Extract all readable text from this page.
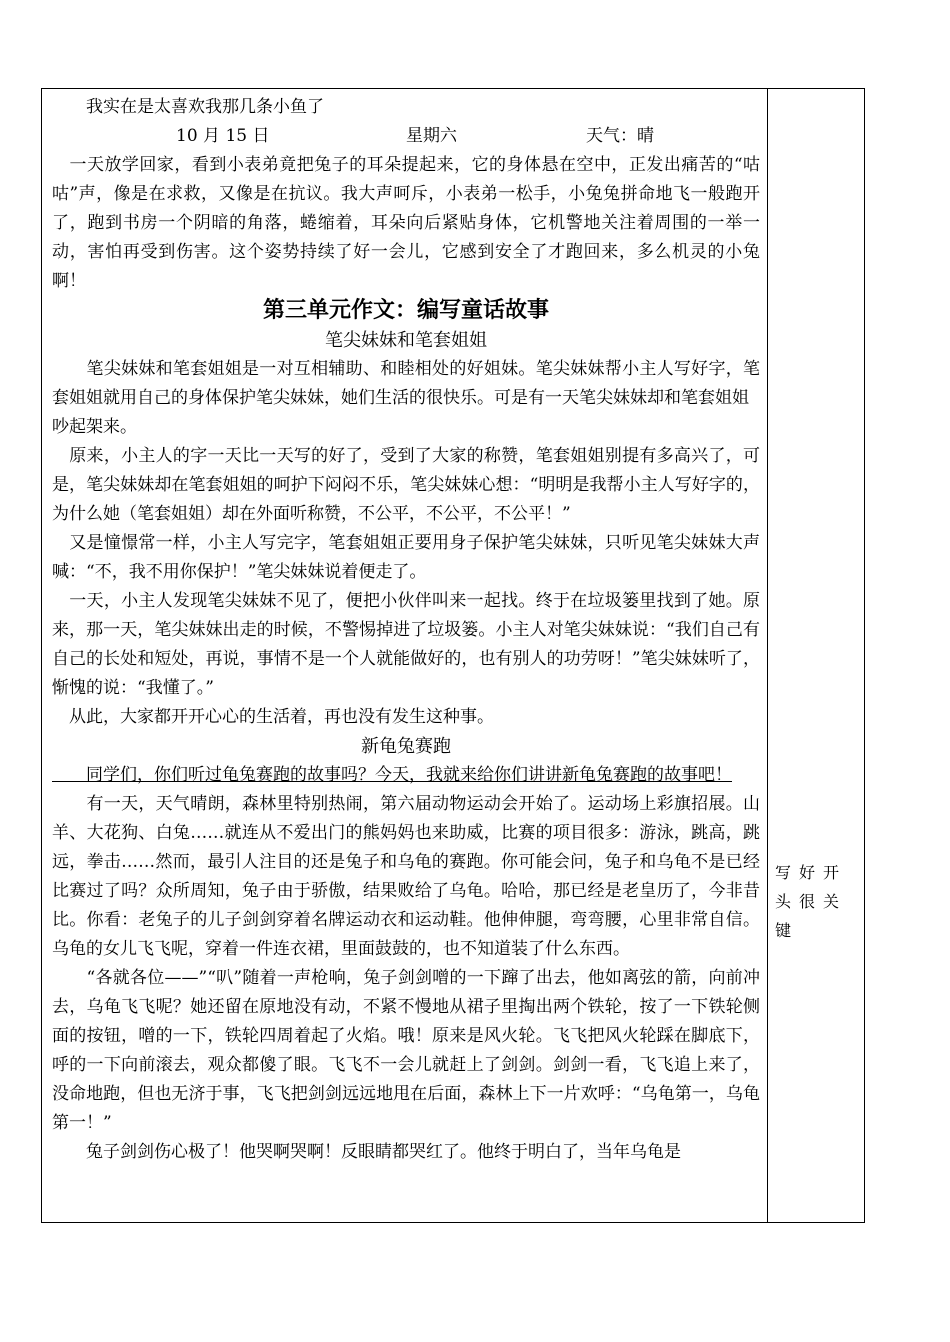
　　我实在是太喜欢我那几条小鱼了

10 月 15 日	星期六	天气：晴

　一天放学回家，看到小表弟竟把兔子的耳朵提起来，它的身体悬在空中，正发出痛苦的“咕咕”声，像是在求救，又像是在抗议。我大声呵斥，小表弟一松手，小兔兔拼命地飞一般跑开了，跑到书房一个阴暗的角落，蜷缩着，耳朵向后紧贴身体，它机警地关注着周围的一举一动，害怕再受到伤害。这个姿势持续了好一会儿，它感到安全了才跑回来，多么机灵的小兔啊！

第三单元作文：编写童话故事

笔尖妹妹和笔套姐姐

　　笔尖妹妹和笔套姐姐是一对互相辅助、和睦相处的好姐妹。笔尖妹妹帮小主人写好字，笔套姐姐就用自己的身体保护笔尖妹妹，她们生活的很快乐。可是有一天笔尖妹妹却和笔套姐姐

吵起架来。

　原来，小主人的字一天比一天写的好了，受到了大家的称赞，笔套姐姐别提有多高兴了，可是，笔尖妹妹却在笔套姐姐的呵护下闷闷不乐，笔尖妹妹心想：“明明是我帮小主人写好字的，为什么她（笔套姐姐）却在外面听称赞，不公平，不公平，不公平！”

　又是憧憬常一样，小主人写完字，笔套姐姐正要用身子保护笔尖妹妹，只听见笔尖妹妹大声喊：“不，我不用你保护！”笔尖妹妹说着便走了。

　一天，小主人发现笔尖妹妹不见了，便把小伙伴叫来一起找。终于在垃圾篓里找到了她。原来，那一天，笔尖妹妹出走的时候，不警惕掉进了垃圾篓。小主人对笔尖妹妹说：“我们自己有自己的长处和短处，再说，事情不是一个人就能做好的，也有别人的功劳呀！”笔尖妹妹听了，惭愧的说：“我懂了。”

　从此，大家都开开心心的生活着，再也没有发生这种事。

新龟兔赛跑

　　同学们，你们听过龟兔赛跑的故事吗？今天，我就来给你们讲讲新龟兔赛跑的故事吧！

　　有一天，天气晴朗，森林里特别热闹，第六届动物运动会开始了。运动场上彩旗招展。山羊、大花狗、白兔……就连从不爱出门的熊妈妈也来助威，比赛的项目很多：游泳，跳高，跳远，拳击……然而，最引人注目的还是兔子和乌龟的赛跑。你可能会问，兔子和乌龟不是已经比赛过了吗？众所周知，兔子由于骄傲，结果败给了乌龟。哈哈，那已经是老皇历了，今非昔比。你看：老兔子的儿子剑剑穿着名牌运动衣和运动鞋。他伸伸腿，弯弯腰，心里非常自信。乌龟的女儿飞飞呢，穿着一件连衣裙，里面鼓鼓的，也不知道装了什么东西。

　　“各就各位——”“叭”随着一声枪响，兔子剑剑噌的一下蹿了出去，他如离弦的箭，向前冲去，乌龟飞飞呢？她还留在原地没有动，不紧不慢地从裙子里掏出两个铁轮，按了一下铁轮侧面的按钮，噌的一下，铁轮四周着起了火焰。哦！原来是风火轮。飞飞把风火轮踩在脚底下，呼的一下向前滚去，观众都傻了眼。飞飞不一会儿就赶上了剑剑。剑剑一看，飞飞追上来了，没命地跑，但也无济于事，飞飞把剑剑远远地甩在后面，森林上下一片欢呼：“乌龟第一，乌龟第一！”

　　兔子剑剑伤心极了！他哭啊哭啊！反眼睛都哭红了。他终于明白了，当年乌龟是

写好开头很关键
